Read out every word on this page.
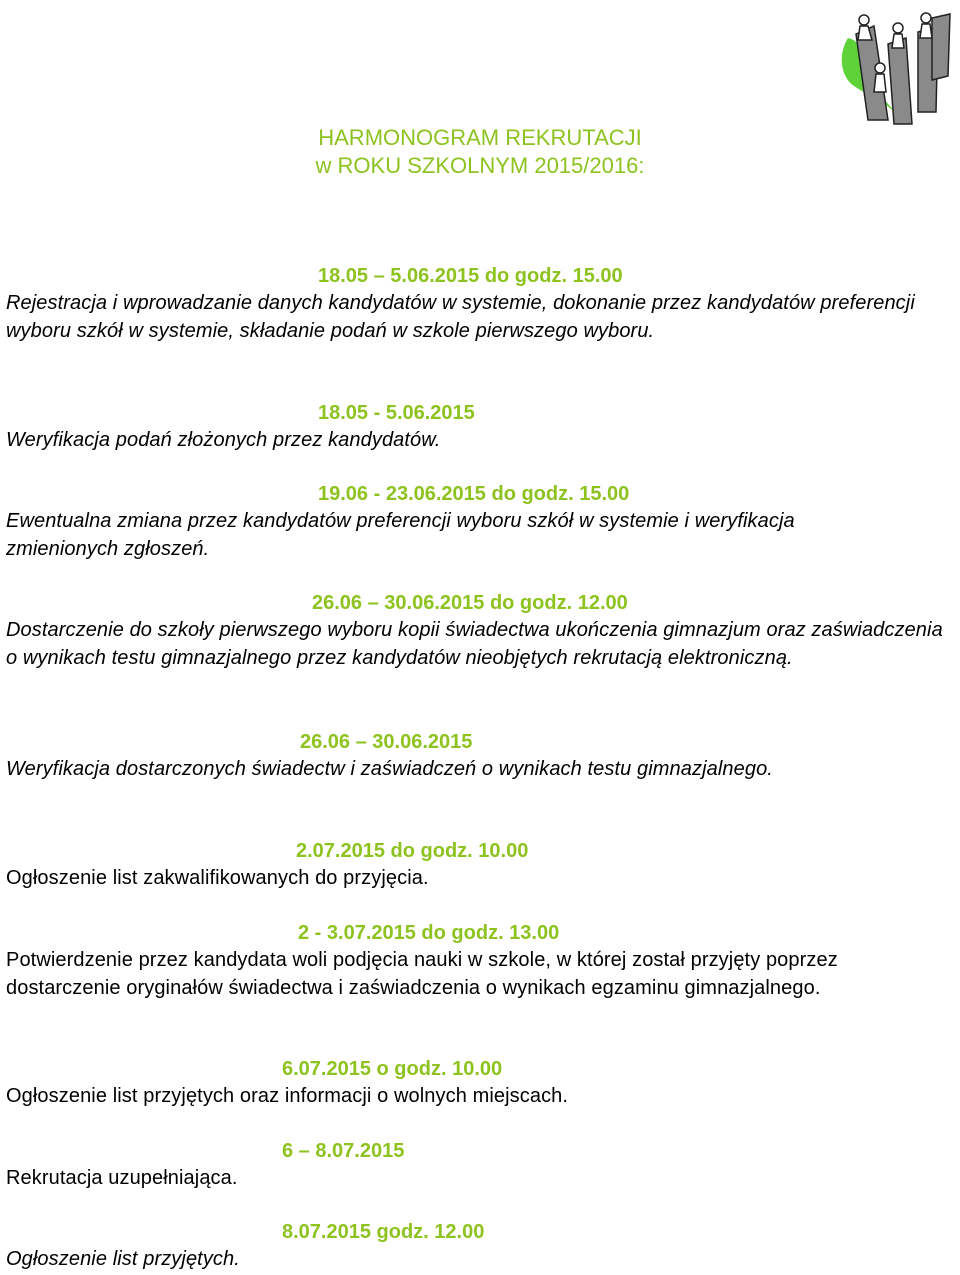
HARMONOGRAM REKRUTACJI
w ROKU SZKOLNYM 2015/2016:
18.05 – 5.06.2015 do godz. 15.00
Rejestracja i wprowadzanie danych kandydatów w systemie, dokonanie przez kandydatów preferencji wyboru szkół w systemie, składanie podań w szkole pierwszego wyboru.
18.05 - 5.06.2015
Weryfikacja podań złożonych przez kandydatów.
19.06 - 23.06.2015 do godz. 15.00
Ewentualna zmiana przez kandydatów preferencji wyboru szkół w systemie i weryfikacja zmienionych zgłoszeń.
26.06 – 30.06.2015 do godz. 12.00
Dostarczenie do szkoły pierwszego wyboru kopii świadectwa ukończenia gimnazjum oraz zaświadczenia o wynikach testu gimnazjalnego przez kandydatów nieobjętych rekrutacją elektroniczną.
26.06 – 30.06.2015
Weryfikacja dostarczonych świadectw i zaświadczeń o wynikach testu gimnazjalnego.
2.07.2015 do godz. 10.00
Ogłoszenie list zakwalifikowanych do przyjęcia.
2 - 3.07.2015 do godz. 13.00
Potwierdzenie przez kandydata woli podjęcia nauki w szkole, w której został przyjęty poprzez dostarczenie oryginałów świadectwa i zaświadczenia o wynikach egzaminu gimnazjalnego.
6.07.2015 o godz. 10.00
Ogłoszenie list przyjętych oraz informacji o wolnych miejscach.
6 – 8.07.2015
Rekrutacja uzupełniająca.
8.07.2015 godz. 12.00
Ogłoszenie list przyjętych.
